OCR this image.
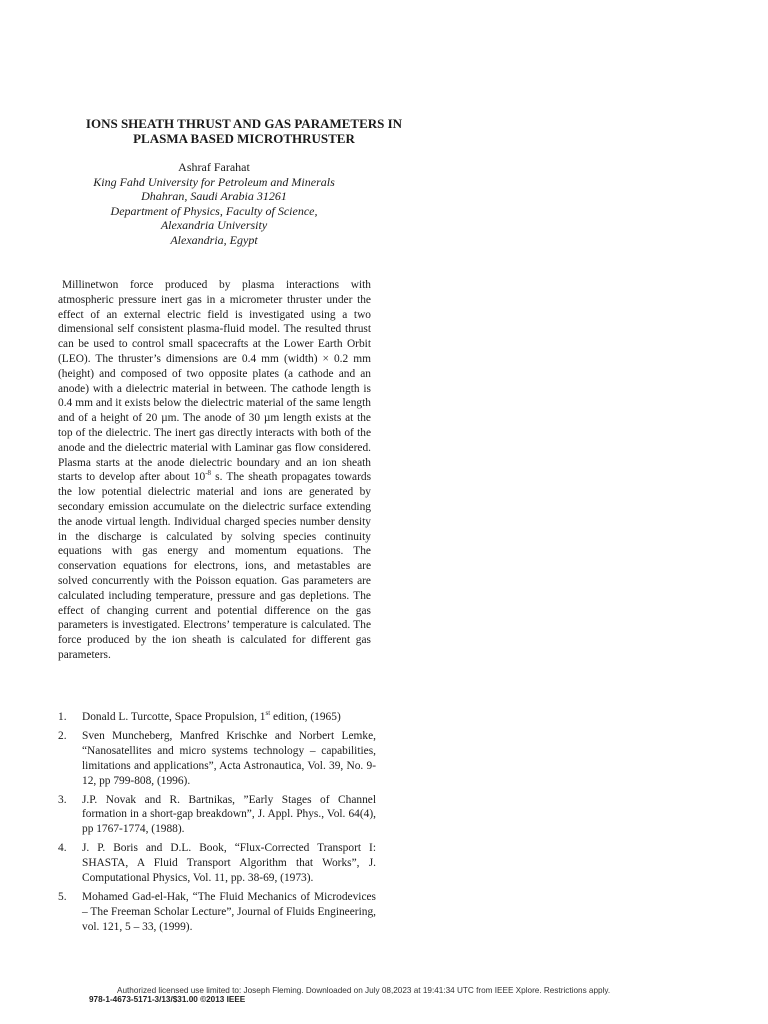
IONS SHEATH THRUST AND GAS PARAMETERS IN
PLASMA BASED MICROTHRUSTER
Ashraf Farahat
King Fahd University for Petroleum and Minerals
Dhahran, Saudi Arabia 31261
Department of Physics, Faculty of Science,
Alexandria University
Alexandria, Egypt

Millinetwon force produced by plasma interactions with atmospheric pressure inert gas in a micrometer thruster under the effect of an external electric field is investigated using a two dimensional self consistent plasma-fluid model. The resulted thrust can be used to control small spacecrafts at the Lower Earth Orbit (LEO). The thruster’s dimensions are 0.4 mm (width) × 0.2 mm (height) and composed of two opposite plates (a cathode and an anode) with a dielectric material in between. The cathode length is 0.4 mm and it exists below the dielectric material of the same length and of a height of 20 µm. The anode of 30 µm length exists at the top of the dielectric. The inert gas directly interacts with both of the anode and the dielectric material with Laminar gas flow considered. Plasma starts at the anode dielectric boundary and an ion sheath starts to develop after about $10^{-8}$ s. The sheath propagates towards the low potential dielectric material and ions are generated by secondary emission accumulate on the dielectric surface extending the anode virtual length. Individual charged species number density in the discharge is calculated by solving species continuity equations with gas energy and momentum equations. The conservation equations for electrons, ions, and metastables are solved concurrently with the Poisson equation. Gas parameters are calculated including temperature, pressure and gas depletions. The effect of changing current and potential difference on the gas parameters is investigated. Electrons’ temperature is calculated. The force produced by the ion sheath is calculated for different gas parameters.

1. Donald L. Turcotte, Space Propulsion, 1st edition, (1965)
2. Sven Muncheberg, Manfred Krischke and Norbert Lemke, “Nanosatellites and micro systems technology – capabilities, limitations and applications”, Acta Astronautica, Vol. 39, No. 9-12, pp 799-808, (1996).
3. J.P. Novak and R. Bartnikas, ”Early Stages of Channel formation in a short-gap breakdown”, J. Appl. Phys., Vol. 64(4), pp 1767-1774, (1988).
4. J. P. Boris and D.L. Book, “Flux-Corrected Transport I: SHASTA, A Fluid Transport Algorithm that Works”, J. Computational Physics, Vol. 11, pp. 38-69, (1973).
5. Mohamed Gad-el-Hak, “The Fluid Mechanics of Microdevices – The Freeman Scholar Lecture”, Journal of Fluids Engineering, vol. 121, 5 – 33, (1999).
Authorized licensed use limited to: Joseph Fleming. Downloaded on July 08,2023 at 19:41:34 UTC from IEEE Xplore. Restrictions apply.
978-1-4673-5171-3/13/$31.00 ©2013 IEEE
